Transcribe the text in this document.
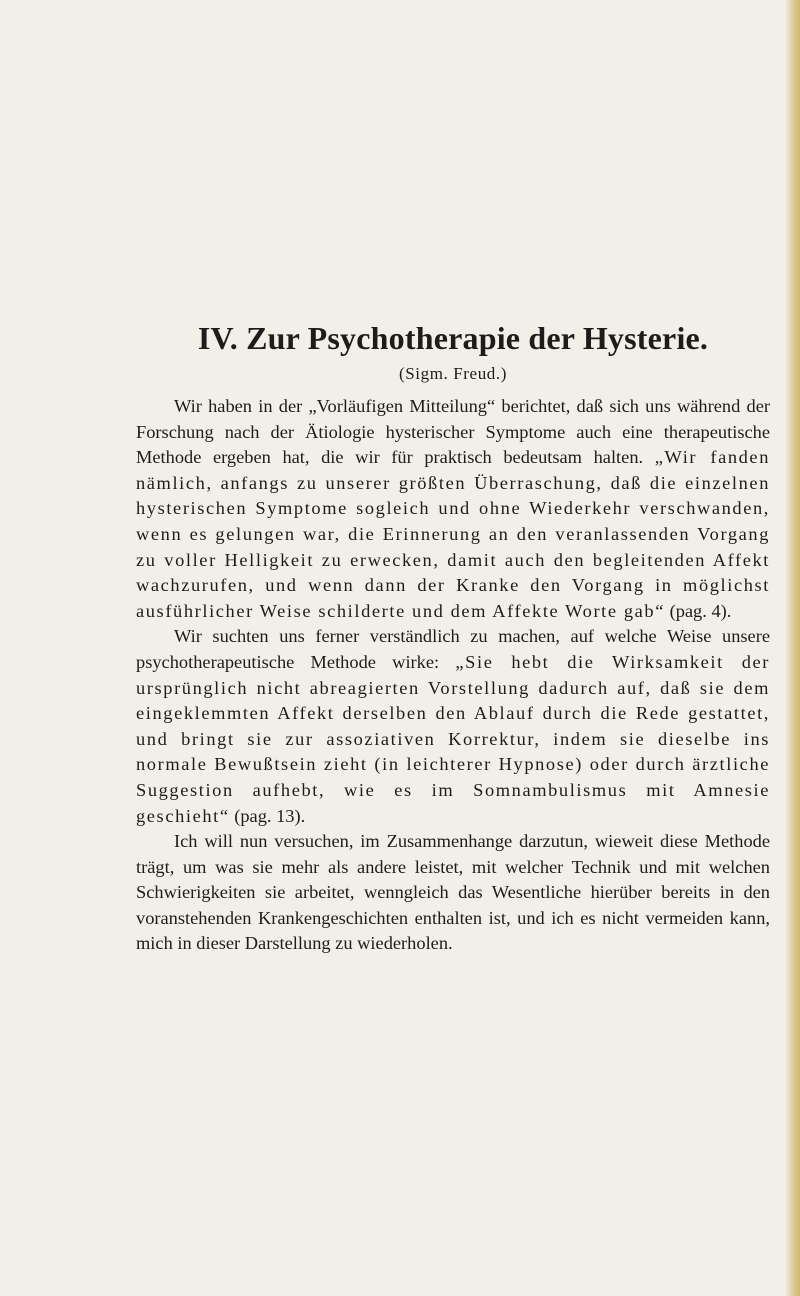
IV. Zur Psychotherapie der Hysterie.
(Sigm. Freud.)

Wir haben in der „Vorläufigen Mitteilung“ berichtet, daß sich uns während der Forschung nach der Ätiologie hysterischer Symptome auch eine therapeutische Methode ergeben hat, die wir für praktisch bedeutsam halten. „Wir fanden nämlich, anfangs zu unserer größten Überraschung, daß die einzelnen hysterischen Symptome sogleich und ohne Wiederkehr verschwanden, wenn es gelungen war, die Erinnerung an den veranlassenden Vorgang zu voller Helligkeit zu erwecken, damit auch den begleitenden Affekt wachzurufen, und wenn dann der Kranke den Vorgang in möglichst ausführlicher Weise schilderte und dem Affekte Worte gab“ (pag. 4).

Wir suchten uns ferner verständlich zu machen, auf welche Weise unsere psychotherapeutische Methode wirke: „Sie hebt die Wirksamkeit der ursprünglich nicht abreagierten Vorstellung dadurch auf, daß sie dem eingeklemmten Affekt derselben den Ablauf durch die Rede gestattet, und bringt sie zur assoziativen Korrektur, indem sie dieselbe ins normale Bewußtsein zieht (in leichterer Hypnose) oder durch ärztliche Suggestion aufhebt, wie es im Somnambulismus mit Amnesie geschieht“ (pag. 13).

Ich will nun versuchen, im Zusammenhange darzutun, wieweit diese Methode trägt, um was sie mehr als andere leistet, mit welcher Technik und mit welchen Schwierigkeiten sie arbeitet, wenngleich das Wesentliche hierüber bereits in den voranstehenden Krankengeschichten enthalten ist, und ich es nicht vermeiden kann, mich in dieser Darstellung zu wiederholen.
